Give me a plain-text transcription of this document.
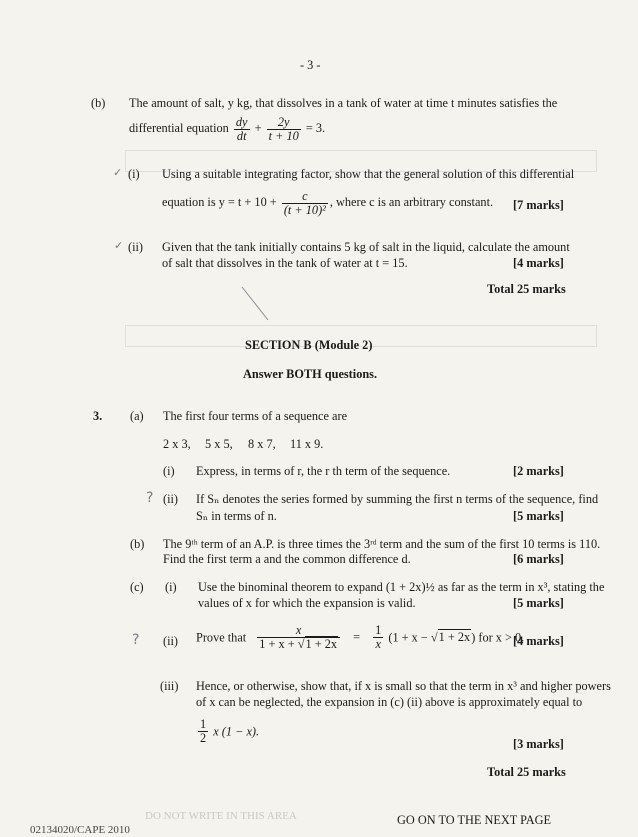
- 3 -
(b) The amount of salt, y kg, that dissolves in a tank of water at time t minutes satisfies the
differential equation $\frac{dy}{dt} + \frac{2y}{t + 10} = 3$.
✓ (i) Using a suitable integrating factor, show that the general solution of this differential
equation is $y = t + 10 + \frac{c}{\text{(t + 10)²}}$ , where c is an arbitrary constant. [7 marks]
✓ (ii) Given that the tank initially contains 5 kg of salt in the liquid, calculate the amount
of salt that dissolves in the tank of water at t = 15.	[4 marks]
Total 25 marks
SECTION B (Module 2)
Answer BOTH questions.
3. (a) The first four terms of a sequence are
2 x 3, 5 x 5, 8 x 7, 11 x 9.
(i) Express, in terms of r, the r th term of the sequence.	[2 marks]
? (ii) If Sₙ denotes the series formed by summing the first n terms of the sequence, find
Sₙ in terms of n.	[5 marks]
(b) The 9ᵗʰ term of an A.P. is three times the 3ʳᵈ term and the sum of the first 10 terms is 110.
Find the first term a and the common difference d.	[6 marks]
(c) (i) Use the binominal theorem to expand (1 + 2x)½ as far as the term in x³, stating the
values of x for which the expansion is valid.	[5 marks]
? (ii) Prove that $\frac{x}{1 + x + √1 + 2x} = \frac{1}{x} (1 + x - √1 + 2x)$ for x > 0.
[4 marks]
(iii) Hence, or otherwise, show that, if x is small so that the term in x³ and higher powers
of x can be neglected, the expansion in (c) (ii) above is approximately equal to
$\frac{1}{2}$ x (1 − x).
[3 marks]
Total 25 marks
DO NOT WRITE IN THIS AREA	GO ON TO THE NEXT PAGE
02134020/CAPE 2010
